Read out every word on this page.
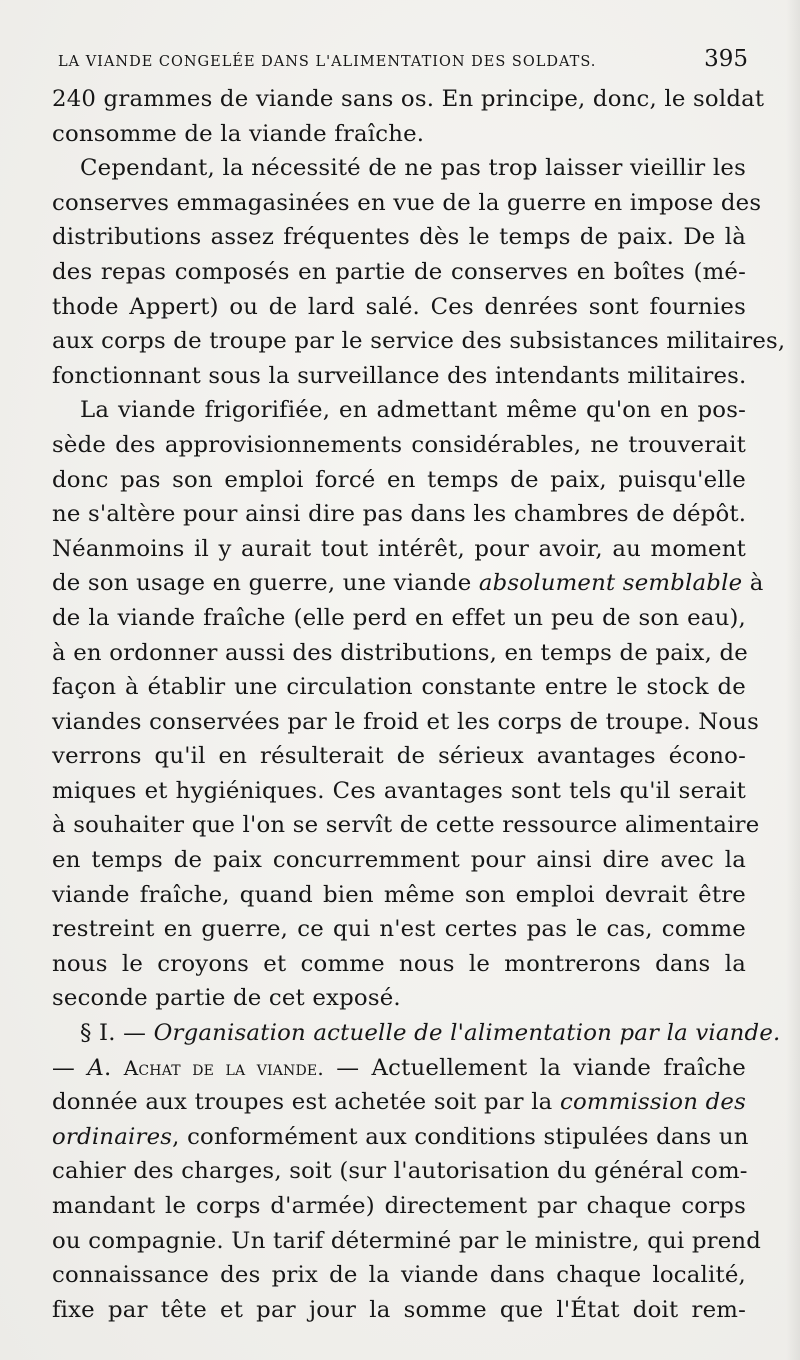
LA VIANDE CONGELÉE DANS L'ALIMENTATION DES SOLDATS.	395
240 grammes de viande sans os. En principe, donc, le soldat
consomme de la viande fraîche.
Cependant, la nécessité de ne pas trop laisser vieillir les
conserves emmagasinées en vue de la guerre en impose des
distributions assez fréquentes dès le temps de paix. De là
des repas composés en partie de conserves en boîtes (mé-
thode Appert) ou de lard salé. Ces denrées sont fournies
aux corps de troupe par le service des subsistances militaires,
fonctionnant sous la surveillance des intendants militaires.
La viande frigorifiée, en admettant même qu'on en pos-
sède des approvisionnements considérables, ne trouverait
donc pas son emploi forcé en temps de paix, puisqu'elle
ne s'altère pour ainsi dire pas dans les chambres de dépôt.
Néanmoins il y aurait tout intérêt, pour avoir, au moment
de son usage en guerre, une viande absolument semblable à
de la viande fraîche (elle perd en effet un peu de son eau),
à en ordonner aussi des distributions, en temps de paix, de
façon à établir une circulation constante entre le stock de
viandes conservées par le froid et les corps de troupe. Nous
verrons qu'il en résulterait de sérieux avantages écono-
miques et hygiéniques. Ces avantages sont tels qu'il serait
à souhaiter que l'on se servît de cette ressource alimentaire
en temps de paix concurremment pour ainsi dire avec la
viande fraîche, quand bien même son emploi devrait être
restreint en guerre, ce qui n'est certes pas le cas, comme
nous le croyons et comme nous le montrerons dans la
seconde partie de cet exposé.
§ I. — Organisation actuelle de l'alimentation par la viande.
— A. Achat de la viande. — Actuellement la viande fraîche
donnée aux troupes est achetée soit par la commission des
ordinaires, conformément aux conditions stipulées dans un
cahier des charges, soit (sur l'autorisation du général com-
mandant le corps d'armée) directement par chaque corps
ou compagnie. Un tarif déterminé par le ministre, qui prend
connaissance des prix de la viande dans chaque localité,
fixe par tête et par jour la somme que l'État doit rem-
